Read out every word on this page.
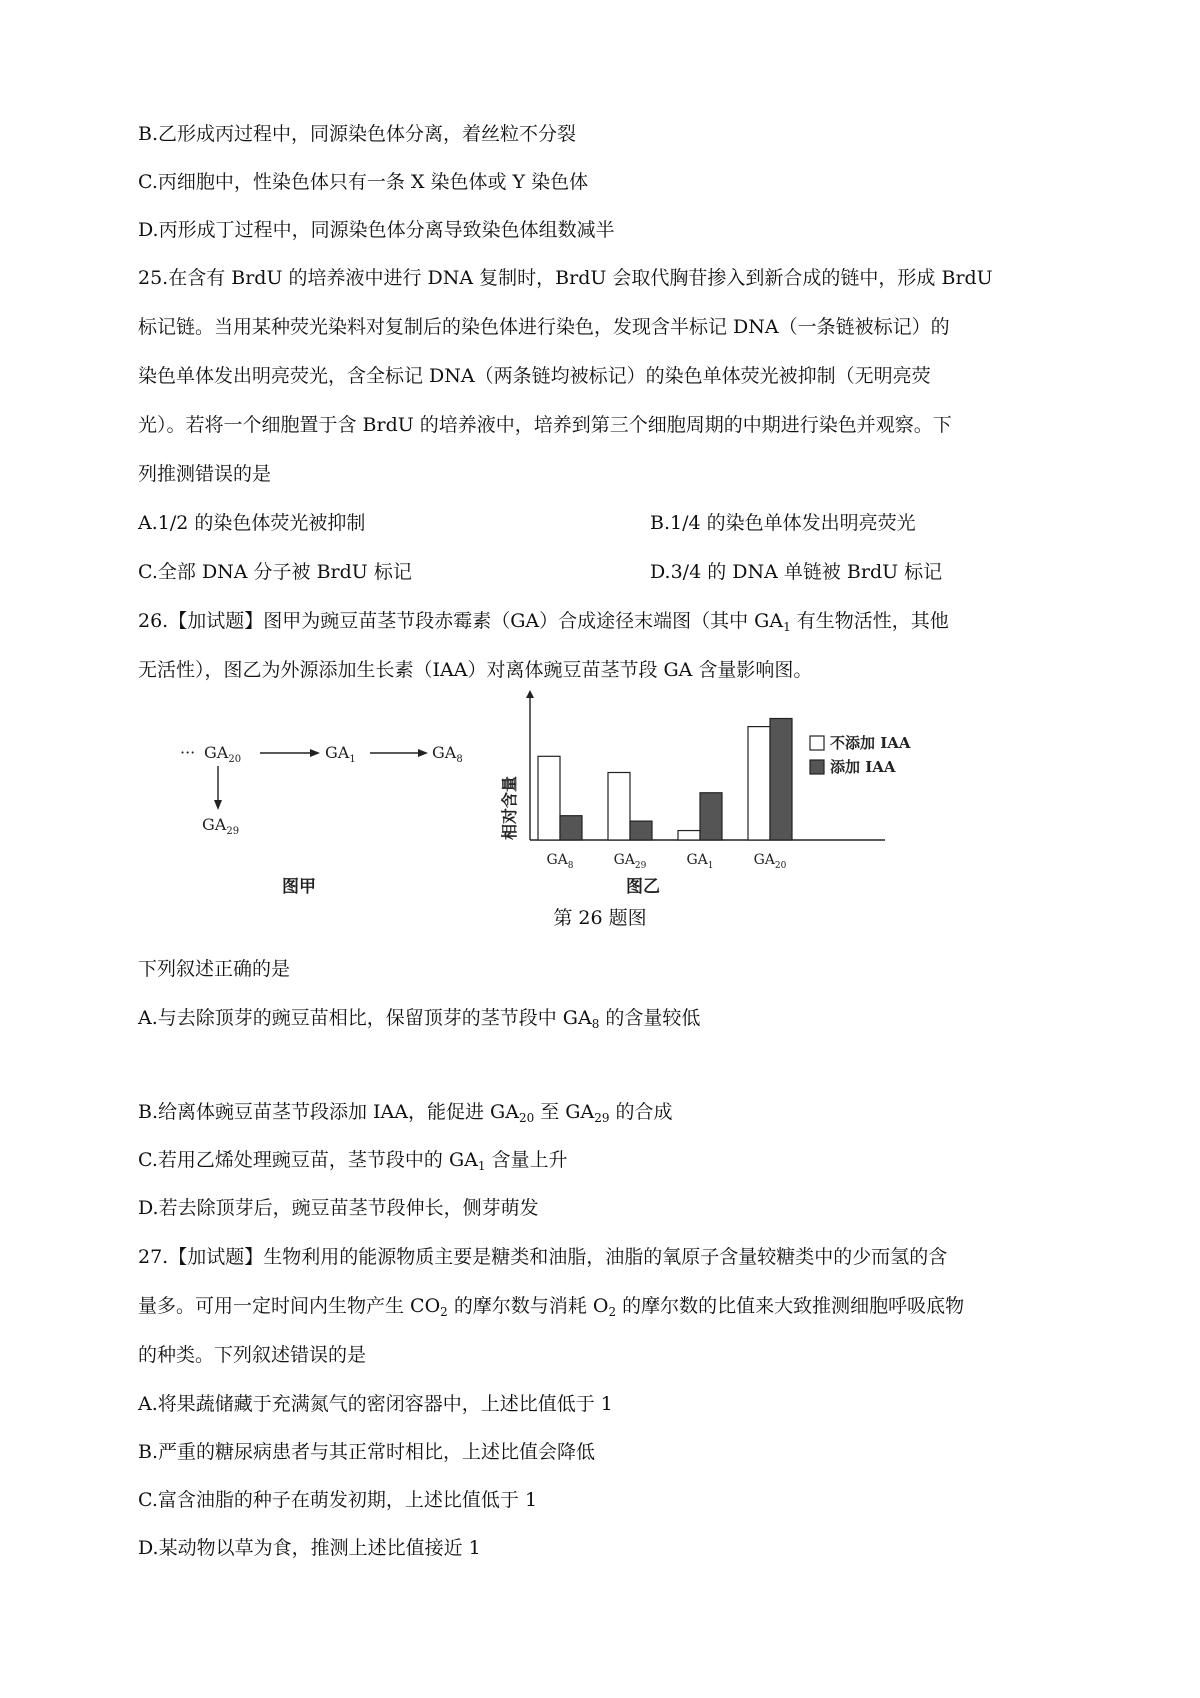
B.乙形成丙过程中，同源染色体分离，着丝粒不分裂
C.丙细胞中，性染色体只有一条 X 染色体或 Y 染色体
D.丙形成丁过程中，同源染色体分离导致染色体组数减半
25.在含有 BrdU 的培养液中进行 DNA 复制时，BrdU 会取代胸苷掺入到新合成的链中，形成 BrdU
标记链。当用某种荧光染料对复制后的染色体进行染色，发现含半标记 DNA（一条链被标记）的
染色单体发出明亮荧光，含全标记 DNA（两条链均被标记）的染色单体荧光被抑制（无明亮荧
光）。若将一个细胞置于含 BrdU 的培养液中，培养到第三个细胞周期的中期进行染色并观察。下
列推测错误的是
A.1/2 的染色体荧光被抑制	B.1/4 的染色单体发出明亮荧光
C.全部 DNA 分子被 BrdU 标记	D.3/4 的 DNA 单链被 BrdU 标记
26.【加试题】图甲为豌豆苗茎节段赤霉素（GA）合成途径末端图（其中 $GA_1$ 有生物活性，其他
无活性），图乙为外源添加生长素（IAA）对离体豌豆苗茎节段 GA 含量影响图。
··· $GA_{20}$	$GA_1$	$GA_8$
$GA_{29}$
图甲
相对含量
$GA_8$	$GA_{29}$	$GA_1$	$GA_{20}$
不添加 IAA
添加 IAA
图乙
第 26 题图
下列叙述正确的是
A.与去除顶芽的豌豆苗相比，保留顶芽的茎节段中 $GA_8$ 的含量较低
B.给离体豌豆苗茎节段添加 IAA，能促进 $GA_{20}$ 至 $GA_{29}$ 的合成
C.若用乙烯处理豌豆苗，茎节段中的 $GA_1$ 含量上升
D.若去除顶芽后，豌豆苗茎节段伸长，侧芽萌发
27.【加试题】生物利用的能源物质主要是糖类和油脂，油脂的氧原子含量较糖类中的少而氢的含
量多。可用一定时间内生物产生 $CO_2$ 的摩尔数与消耗 $O_2$ 的摩尔数的比值来大致推测细胞呼吸底物
的种类。下列叙述错误的是
A.将果蔬储藏于充满氮气的密闭容器中，上述比值低于 1
B.严重的糖尿病患者与其正常时相比，上述比值会降低
C.富含油脂的种子在萌发初期，上述比值低于 1
D.某动物以草为食，推测上述比值接近 1
